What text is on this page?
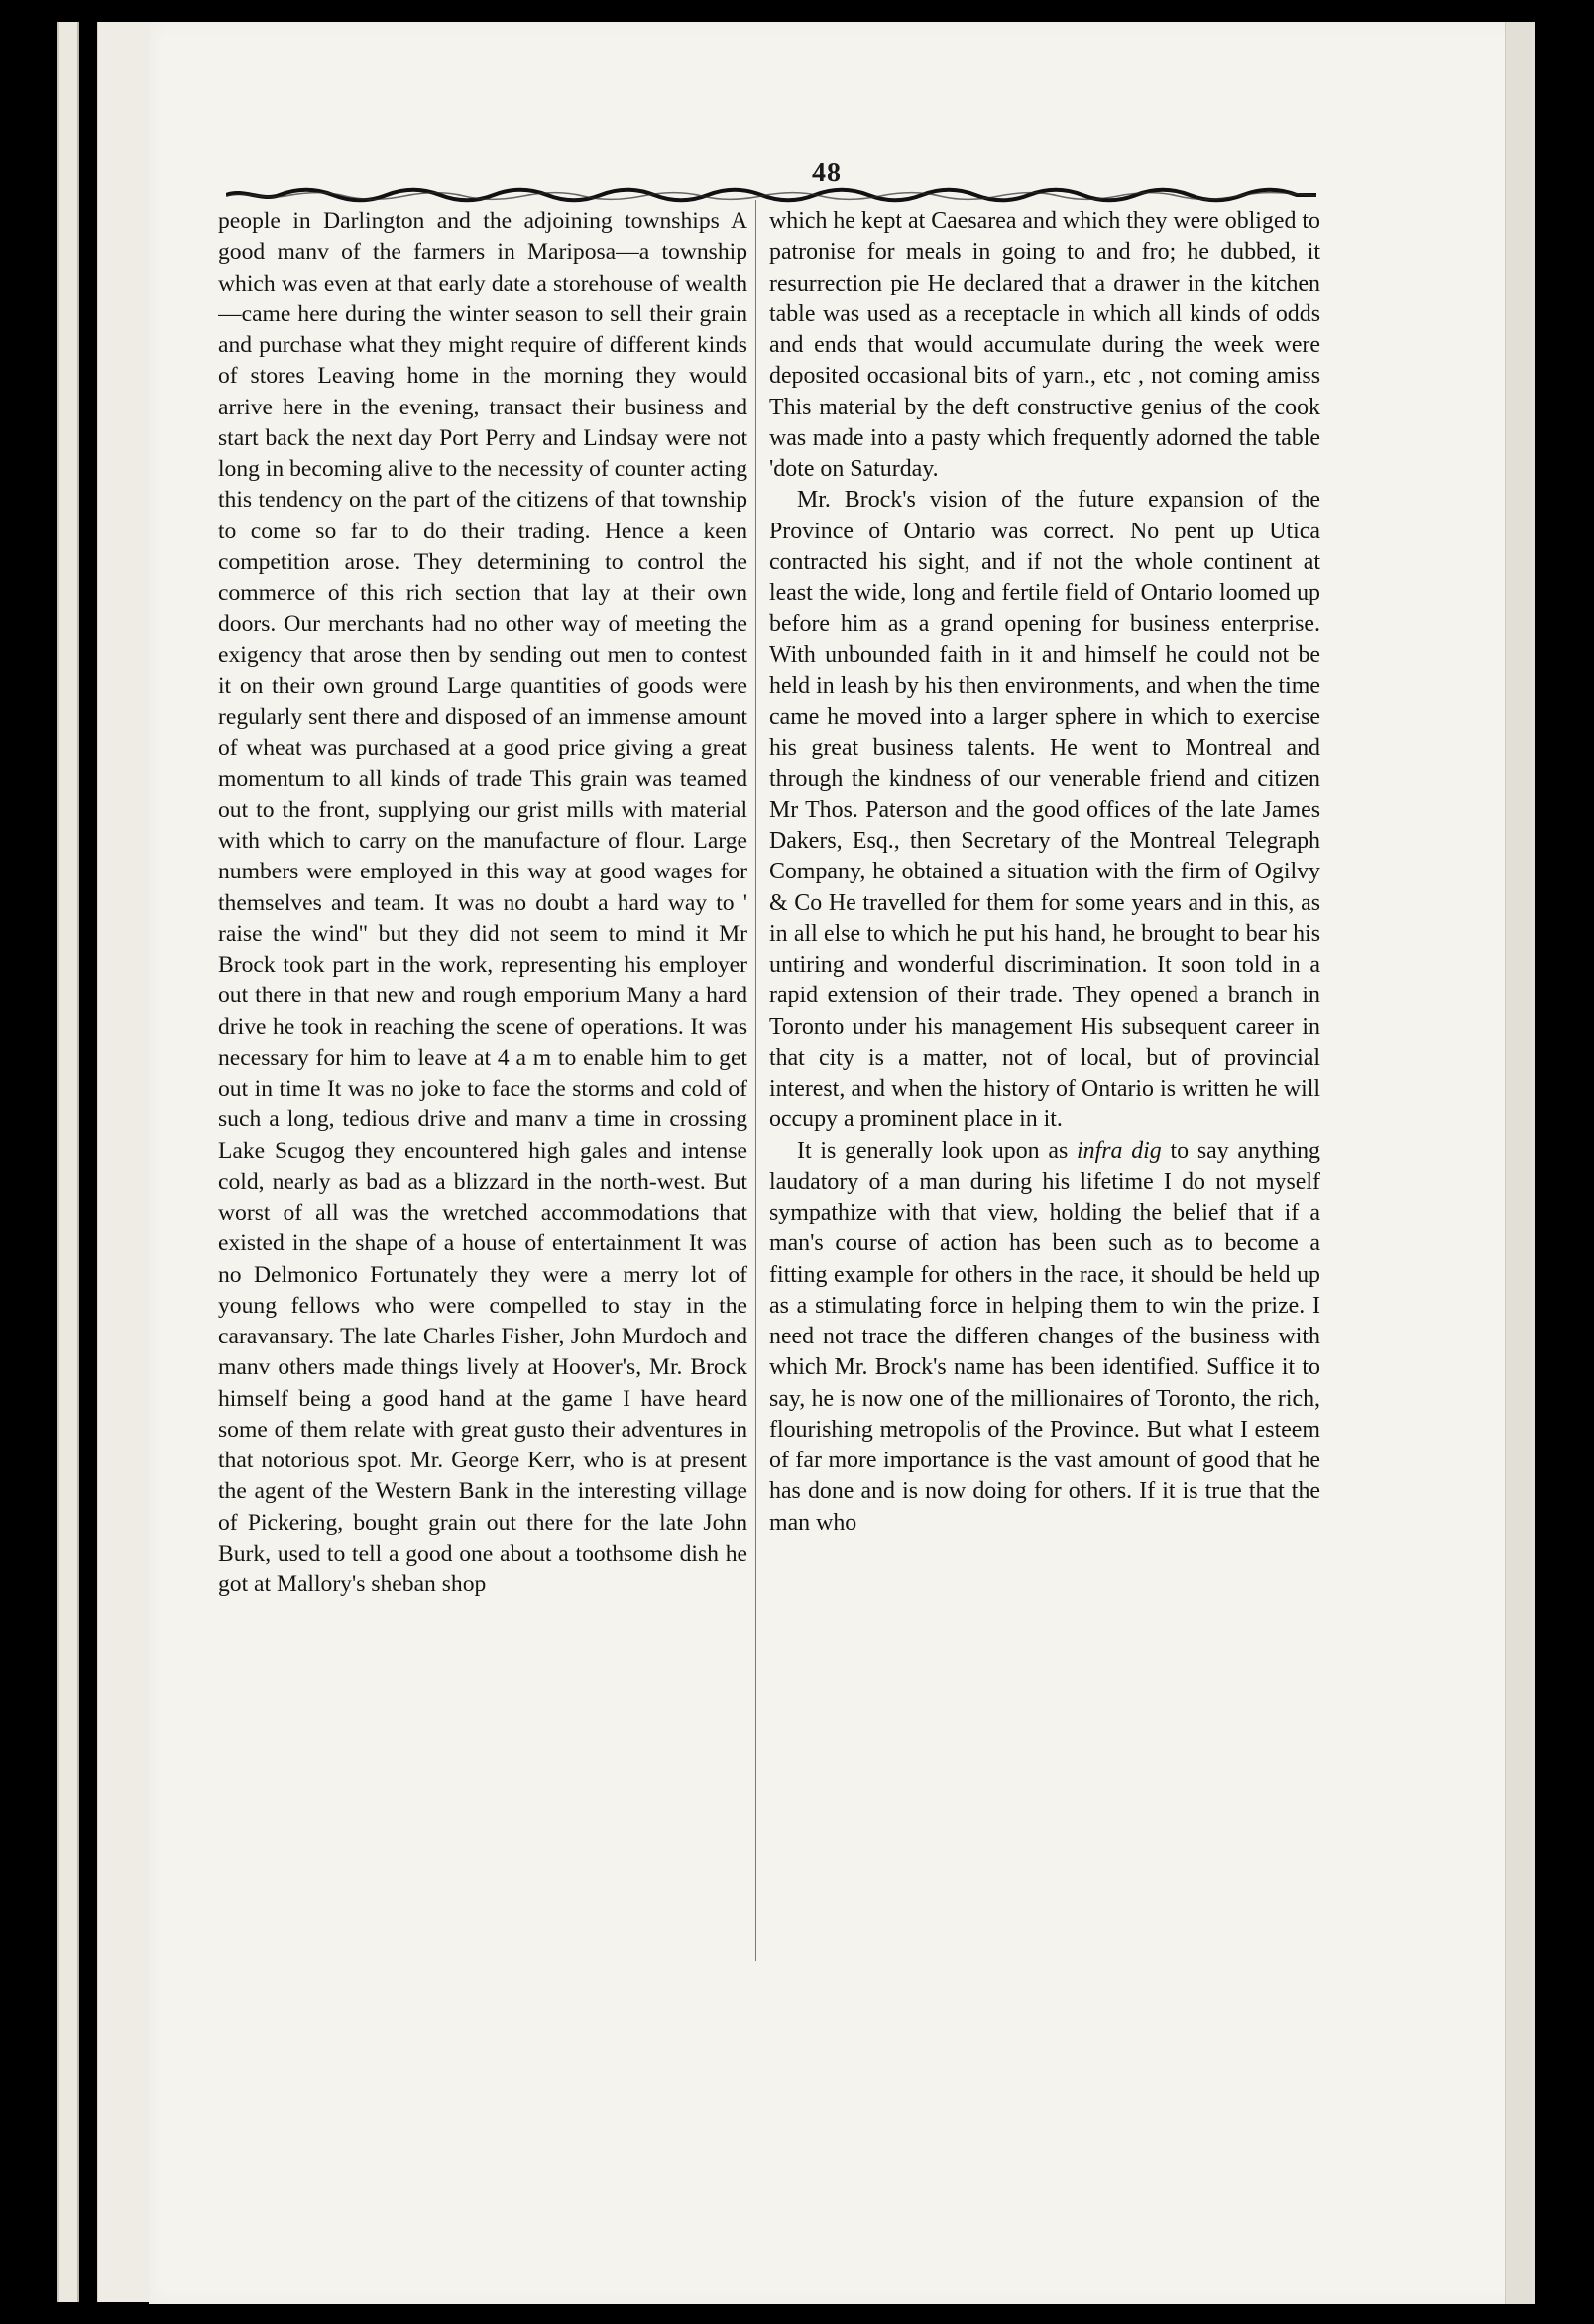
48

people in Darlington and the adjoining townships A good manv of the farmers in Mariposa—a township which was even at that early date a storehouse of wealth —came here during the winter season to sell their grain and purchase what they might require of different kinds of stores Leaving home in the morning they would arrive here in the evening, transact their business and start back the next day Port Perry and Lindsay were not long in becoming alive to the necessity of counter acting this tendency on the part of the citizens of that township to come so far to do their trading. Hence a keen competition arose. They determining to control the commerce of this rich section that lay at their own doors. Our merchants had no other way of meeting the exigency that arose then by sending out men to contest it on their own ground Large quantities of goods were regularly sent there and disposed of an immense amount of wheat was purchased at a good price giving a great momentum to all kinds of trade This grain was teamed out to the front, supplying our grist mills with material with which to carry on the manufacture of flour. Large numbers were employed in this way at good wages for themselves and team. It was no doubt a hard way to ' raise the wind" but they did not seem to mind it Mr Brock took part in the work, representing his employer out there in that new and rough emporium Many a hard drive he took in reaching the scene of operations. It was necessary for him to leave at 4 a m to enable him to get out in time It was no joke to face the storms and cold of such a long, tedious drive and manv a time in crossing Lake Scugog they encountered high gales and intense cold, nearly as bad as a blizzard in the north-west. But worst of all was the wretched accommodations that existed in the shape of a house of entertainment It was no Delmonico Fortunately they were a merry lot of young fellows who were compelled to stay in the caravansary. The late Charles Fisher, John Murdoch and manv others made things lively at Hoover's, Mr. Brock himself being a good hand at the game I have heard some of them relate with great gusto their adventures in that notorious spot. Mr. George Kerr, who is at present the agent of the Western Bank in the interesting village of Pickering, bought grain out there for the late John Burk, used to tell a good one about a toothsome dish he got at Mallory's sheban shop

which he kept at Caesarea and which they were obliged to patronise for meals in going to and fro; he dubbed, it resurrection pie He declared that a drawer in the kitchen table was used as a receptacle in which all kinds of odds and ends that would accumulate during the week were deposited occasional bits of yarn., etc , not coming amiss This material by the deft constructive genius of the cook was made into a pasty which frequently adorned the table 'dote on Saturday.

Mr. Brock's vision of the future expansion of the Province of Ontario was correct. No pent up Utica contracted his sight, and if not the whole continent at least the wide, long and fertile field of Ontario loomed up before him as a grand opening for business enterprise. With unbounded faith in it and himself he could not be held in leash by his then environments, and when the time came he moved into a larger sphere in which to exercise his great business talents. He went to Montreal and through the kindness of our venerable friend and citizen Mr Thos. Paterson and the good offices of the late James Dakers, Esq., then Secretary of the Montreal Telegraph Company, he obtained a situation with the firm of Ogilvy & Co He travelled for them for some years and in this, as in all else to which he put his hand, he brought to bear his untiring and wonderful discrimination. It soon told in a rapid extension of their trade. They opened a branch in Toronto under his management His subsequent career in that city is a matter, not of local, but of provincial interest, and when the history of Ontario is written he will occupy a prominent place in it.

It is generally look upon as infra dig to say anything laudatory of a man during his lifetime I do not myself sympathize with that view, holding the belief that if a man's course of action has been such as to become a fitting example for others in the race, it should be held up as a stimulating force in helping them to win the prize. I need not trace the differen changes of the business with which Mr. Brock's name has been identified. Suffice it to say, he is now one of the millionaires of Toronto, the rich, flourishing metropolis of the Province. But what I esteem of far more importance is the vast amount of good that he has done and is now doing for others. If it is true that the man who
